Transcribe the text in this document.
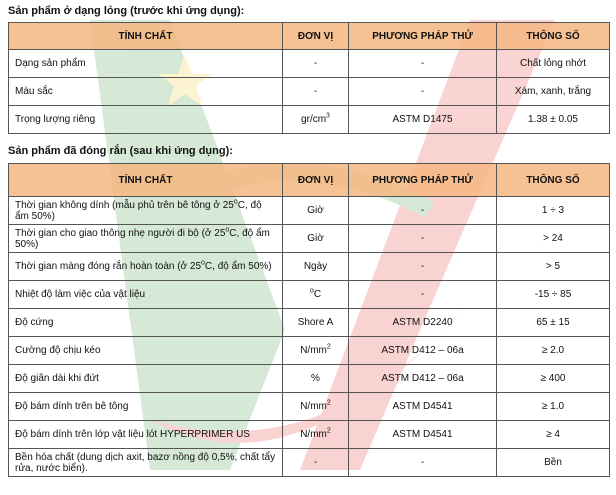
Sản phẩm ở dạng lỏng (trước khi ứng dụng):
TÍNH CHẤT	ĐƠN VỊ	PHƯƠNG PHÁP THỬ	THÔNG SỐ
Dạng sản phẩm	-	-	Chất lỏng nhớt
Màu sắc	-	-	Xám, xanh, trắng
Trọng lượng riêng	$gr/cm^3$	ASTM D1475	1.38 ± 0.05
Sản phẩm đã đóng rắn (sau khi ứng dụng):
TÍNH CHẤT	ĐƠN VỊ	PHƯƠNG PHÁP THỬ	THÔNG SỐ
Thời gian không dính (mẫu phủ trên bê tông ở 25$^o$C, độ ẩm 50%)	Giờ	-	1 ÷ 3
Thời gian cho giao thông nhẹ người đi bộ (ở 25$^o$C, độ ẩm 50%)	Giờ	-	> 24
Thời gian màng đóng rắn hoàn toàn (ở 25$^o$C, độ ẩm 50%)	Ngày	-	> 5
Nhiệt độ làm việc của vật liệu	$^o$C	-	-15 ÷ 85
Độ cứng	Shore A	ASTM D2240	65 ± 15
Cường độ chịu kéo	$N/mm^2$	ASTM D412 – 06a	≥ 2.0
Độ giãn dài khi đứt	%	ASTM D412 – 06a	≥ 400
Độ bám dính trên bê tông	$N/mm^2$	ASTM D4541	≥ 1.0
Độ bám dính trên lớp vật liệu lót HYPERPRIMER US	$N/mm^2$	ASTM D4541	≥ 4
Bền hóa chất (dung dịch axit, bazơ nồng độ 0,5%, chất tẩy rửa, nước biển).	-	-	Bền
